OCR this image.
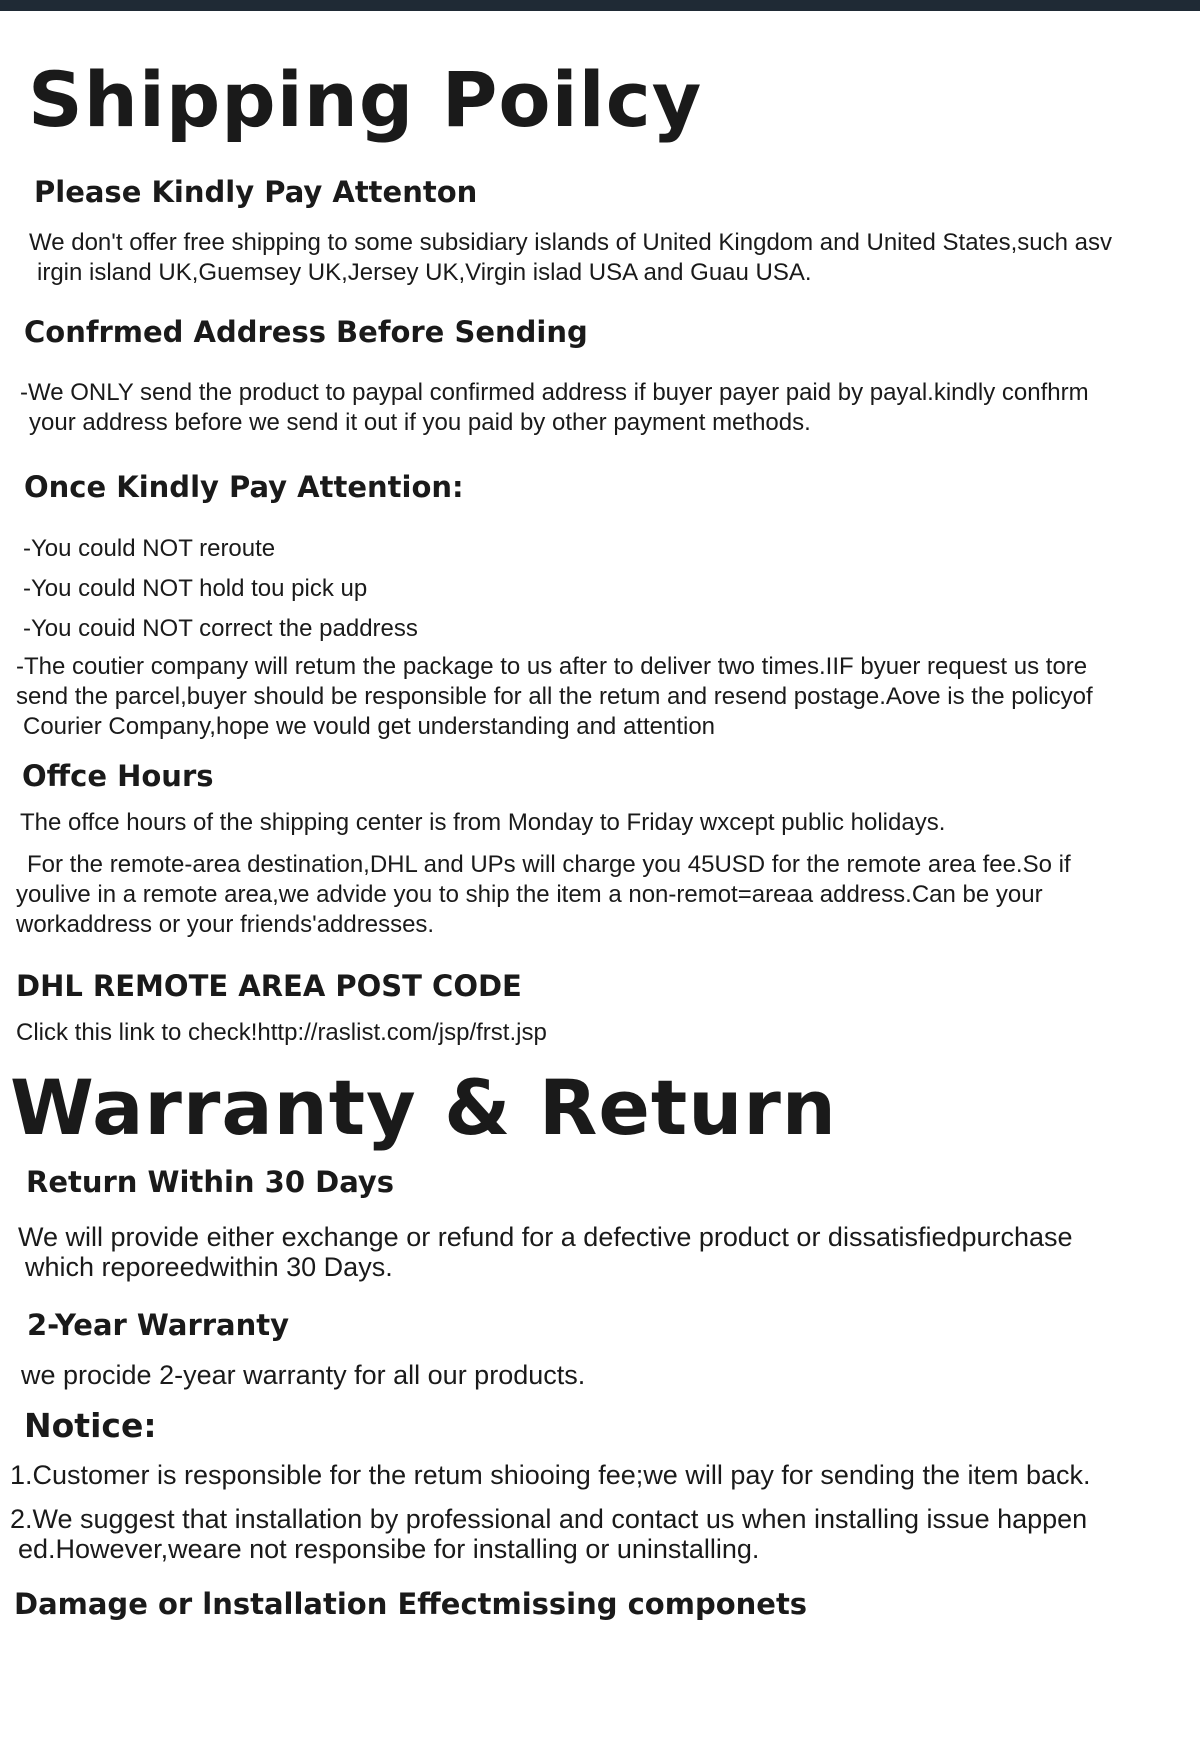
Shipping Poilcy
Please Kindly Pay Attenton

We don't offer free shipping to some subsidiary islands of United Kingdom and United States,such asv

irgin island UK,Guemsey UK,Jersey UK,Virgin islad USA and Guau USA.

Confrmed Address Before Sending

-We ONLY send the product to paypal confirmed address if buyer payer paid by payal.kindly confhrm

your address before we send it out if you paid by other payment methods.

Once Kindly Pay Attention:

-You could NOT reroute

-You could NOT hold tou pick up

-You couid NOT correct the paddress

-The coutier company will retum the package to us after to deliver two times.IIF byuer request us tore

send the parcel,buyer should be responsible for all the retum and resend postage.Aove is the policyof

Courier Company,hope we vould get understanding and attention

Offce Hours

The offce hours of the shipping center is from Monday to Friday wxcept public holidays.

For the remote-area destination,DHL and UPs will charge you 45USD for the remote area fee.So if

youlive in a remote area,we advide you to ship the item a non-remot=areaa address.Can be your

workaddress or your friends'addresses.

DHL REMOTE AREA POST CODE

Click this link to check!http://raslist.com/jsp/frst.jsp

Warranty & Return
Return Within 30 Days

We will provide either exchange or refund for a defective product or dissatisfiedpurchase

which reporeedwithin 30 Days.

2-Year Warranty

we procide 2-year warranty for all our products.

Notice:

1.Customer is responsible for the retum shiooing fee;we will pay for sending the item back.

2.We suggest that installation by professional and contact us when installing issue happen

ed.However,weare not responsibe for installing or uninstalling.

Damage or lnstallation Effectmissing componets
